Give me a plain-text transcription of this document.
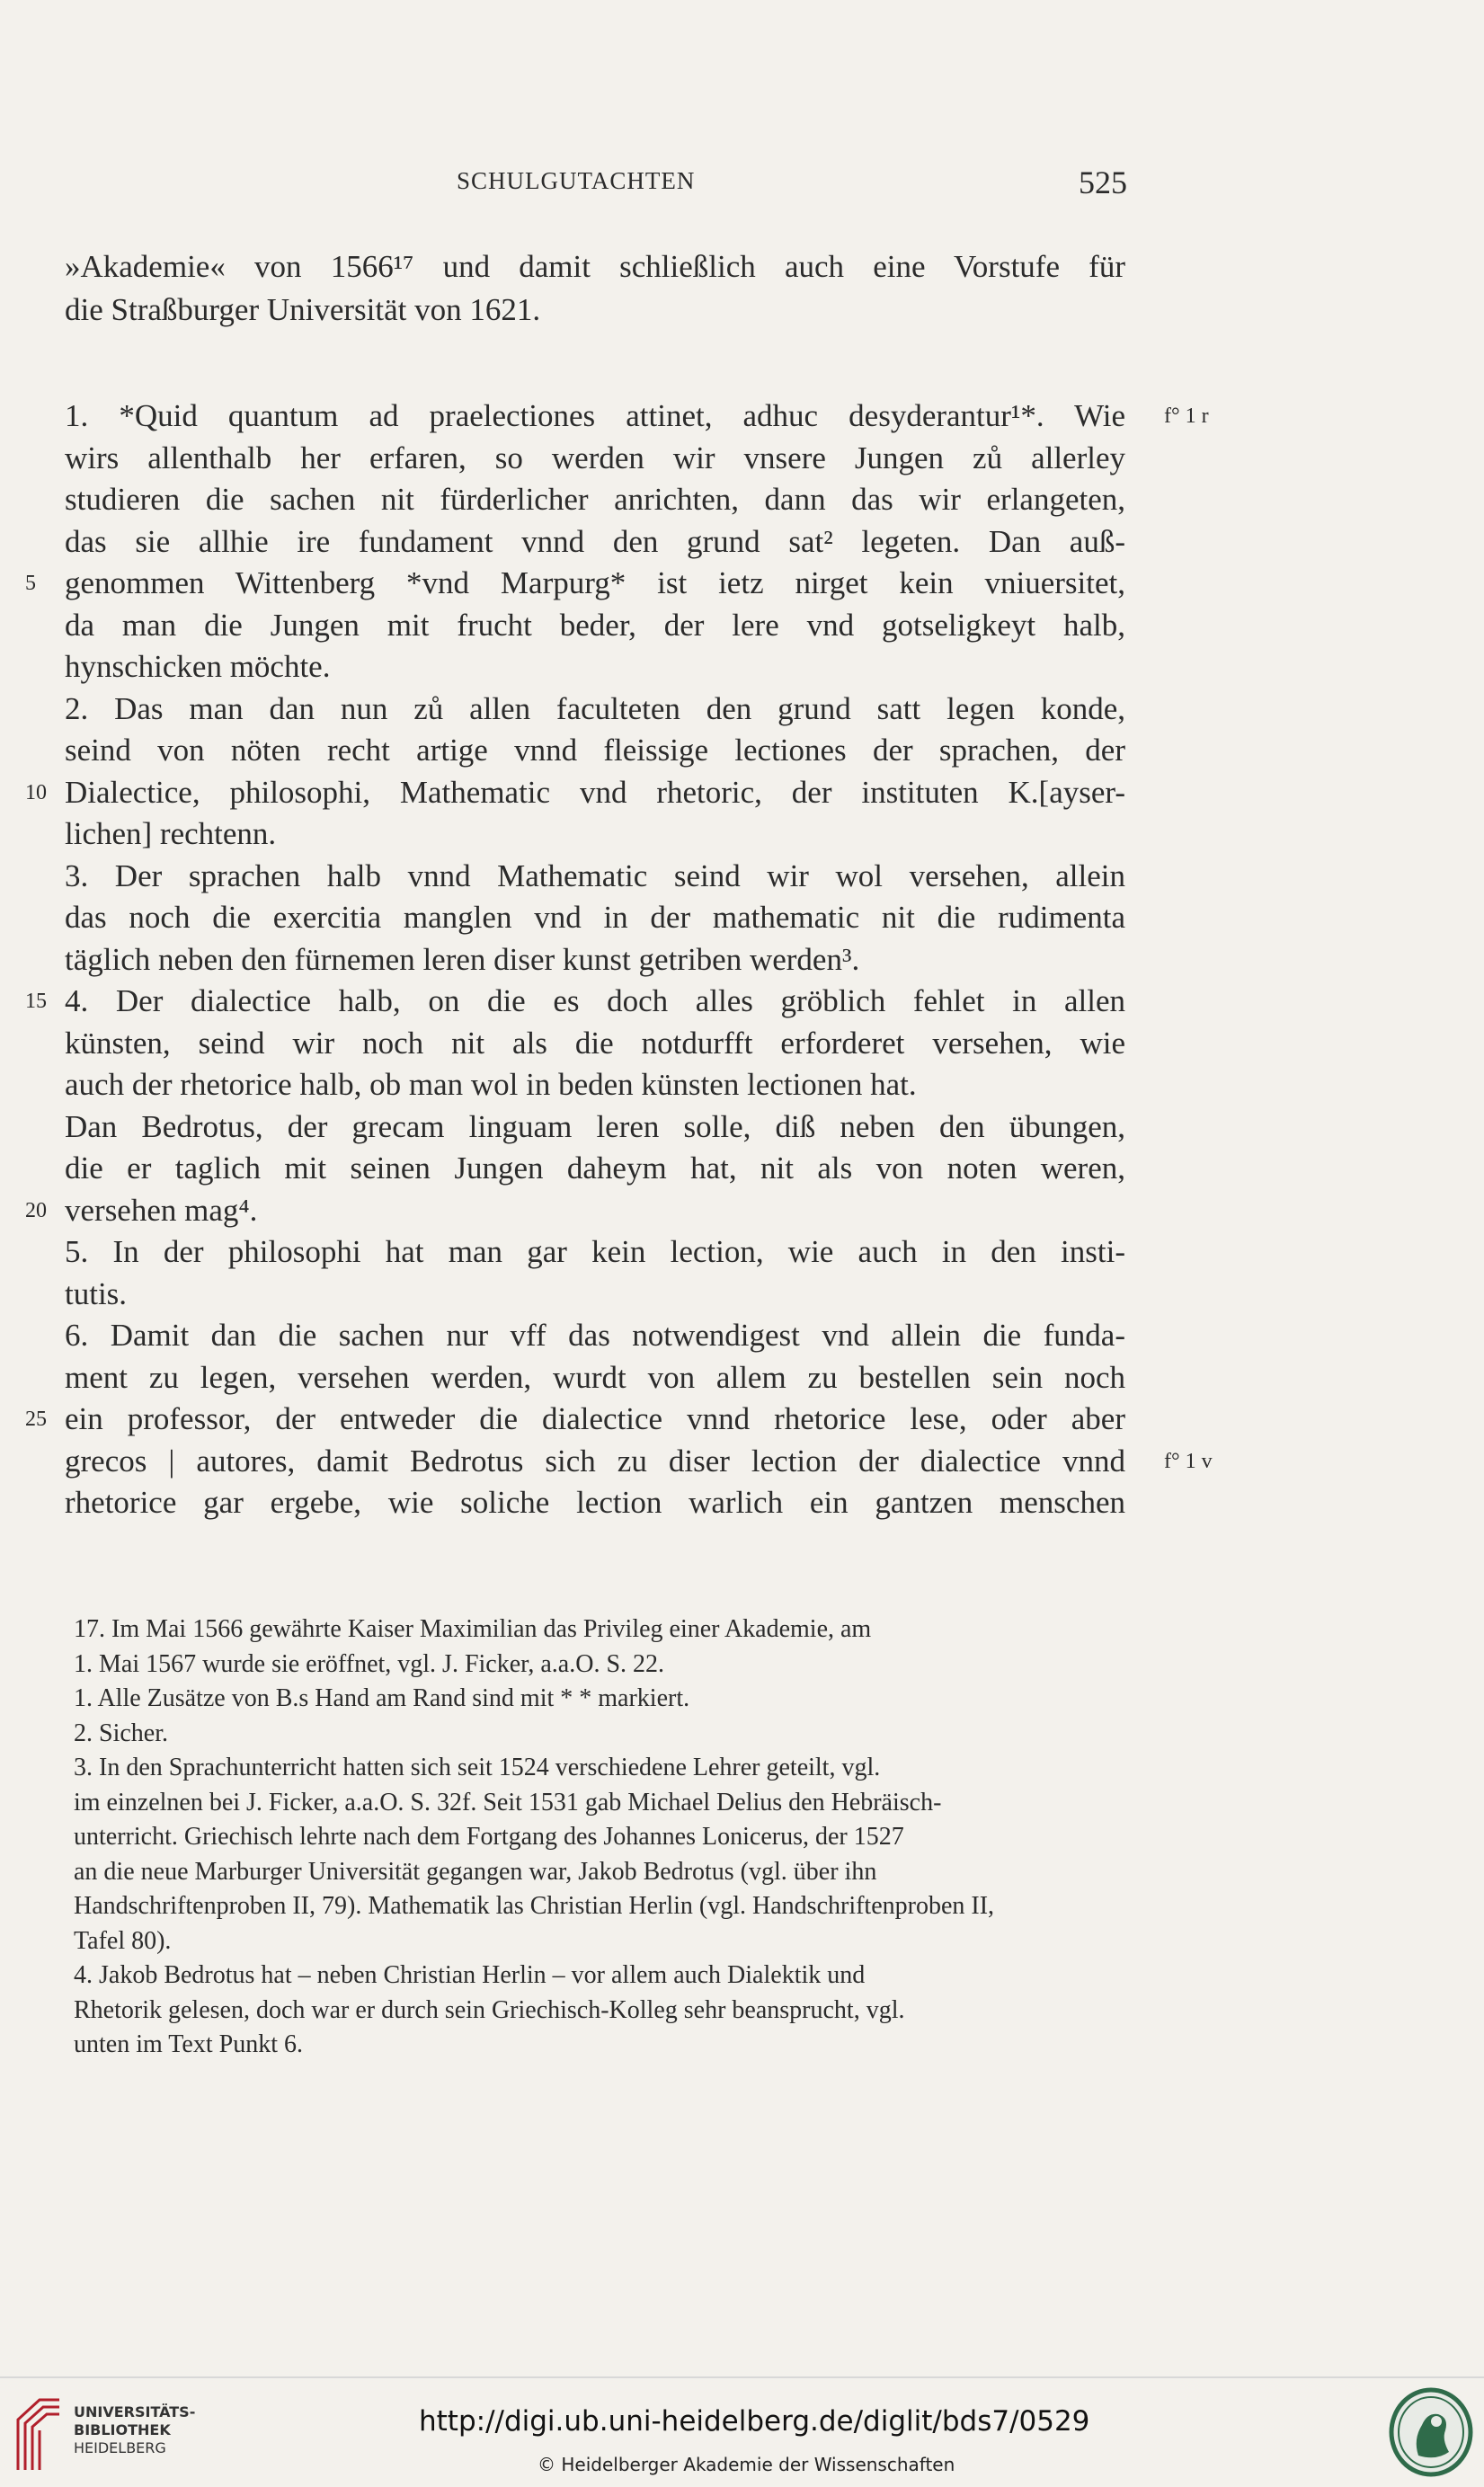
SCHULGUTACHTEN	525
»Akademie« von 1566¹⁷ und damit schließlich auch eine Vorstufe für
die Straßburger Universität von 1621.
1. *Quid quantum ad praelectiones attinet, adhuc desyderantur¹*. Wie f° 1 r
wirs allenthalb her erfaren, so werden wir vnsere Jungen zů allerley
studieren die sachen nit fürderlicher anrichten, dann das wir erlangeten,
das sie allhie ire fundament vnnd den grund sat² legeten. Dan auß-
genommen Wittenberg *vnd Marpurg* ist ietz nirget kein vniuersitet,
5
da man die Jungen mit frucht beder, der lere vnd gotseligkeyt halb,
hynschicken möchte.
2. Das man dan nun zů allen faculteten den grund satt legen konde,
seind von nöten recht artige vnnd fleissige lectiones der sprachen, der
Dialectice, philosophi, Mathematic vnd rhetoric, der instituten K.[ayser-
10
lichen] rechtenn.
3. Der sprachen halb vnnd Mathematic seind wir wol versehen, allein
das noch die exercitia manglen vnd in der mathematic nit die rudimenta
täglich neben den fürnemen leren diser kunst getriben werden³.
4. Der dialectice halb, on die es doch alles gröblich fehlet in allen
15
künsten, seind wir noch nit als die notdurfft erforderet versehen, wie
auch der rhetorice halb, ob man wol in beden künsten lectionen hat.
Dan Bedrotus, der grecam linguam leren solle, diß neben den übungen,
die er taglich mit seinen Jungen daheym hat, nit als von noten weren,
versehen mag⁴.
20
5. In der philosophi hat man gar kein lection, wie auch in den insti-
tutis.
6. Damit dan die sachen nur vff das notwendigest vnd allein die funda-
ment zu legen, versehen werden, wurdt von allem zu bestellen sein noch
ein professor, der entweder die dialectice vnnd rhetorice lese, oder aber
25
grecos | autores, damit Bedrotus sich zu diser lection der dialectice vnnd f° 1 v
rhetorice gar ergebe, wie soliche lection warlich ein gantzen menschen
17. Im Mai 1566 gewährte Kaiser Maximilian das Privileg einer Akademie, am
1. Mai 1567 wurde sie eröffnet, vgl. J. Ficker, a.a.O. S. 22.
1. Alle Zusätze von B.s Hand am Rand sind mit * * markiert.
2. Sicher.
3. In den Sprachunterricht hatten sich seit 1524 verschiedene Lehrer geteilt, vgl.
im einzelnen bei J. Ficker, a.a.O. S. 32f. Seit 1531 gab Michael Delius den Hebräisch-
unterricht. Griechisch lehrte nach dem Fortgang des Johannes Lonicerus, der 1527
an die neue Marburger Universität gegangen war, Jakob Bedrotus (vgl. über ihn
Handschriftenproben II, 79). Mathematik las Christian Herlin (vgl. Handschriftenproben II,
Tafel 80).
4. Jakob Bedrotus hat – neben Christian Herlin – vor allem auch Dialektik und
Rhetorik gelesen, doch war er durch sein Griechisch-Kolleg sehr beansprucht, vgl.
unten im Text Punkt 6.
UNIVERSITÄTS-
BIBLIOTHEK
HEIDELBERG
http://digi.ub.uni-heidelberg.de/diglit/bds7/0529
© Heidelberger Akademie der Wissenschaften
